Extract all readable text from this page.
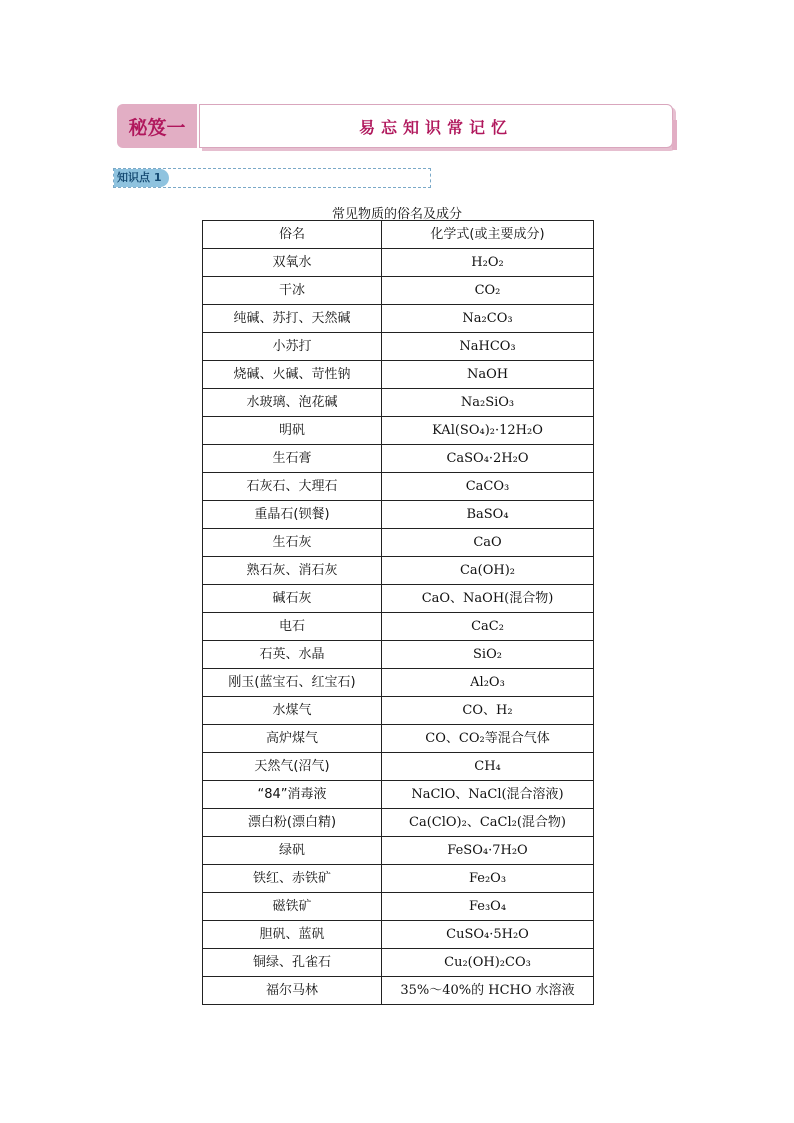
秘笈一	易忘知识常记忆
知识点 1
常见物质的俗名及成分
俗名	化学式(或主要成分)
双氧水	H₂O₂
干冰	CO₂
纯碱、苏打、天然碱	Na₂CO₃
小苏打	NaHCO₃
烧碱、火碱、苛性钠	NaOH
水玻璃、泡花碱	Na₂SiO₃
明矾	KAl(SO₄)₂·12H₂O
生石膏	CaSO₄·2H₂O
石灰石、大理石	CaCO₃
重晶石(钡餐)	BaSO₄
生石灰	CaO
熟石灰、消石灰	Ca(OH)₂
碱石灰	CaO、NaOH(混合物)
电石	CaC₂
石英、水晶	SiO₂
刚玉(蓝宝石、红宝石)	Al₂O₃
水煤气	CO、H₂
高炉煤气	CO、CO₂等混合气体
天然气(沼气)	CH₄
“84”消毒液	NaClO、NaCl(混合溶液)
漂白粉(漂白精)	Ca(ClO)₂、CaCl₂(混合物)
绿矾	FeSO₄·7H₂O
铁红、赤铁矿	Fe₂O₃
磁铁矿	Fe₃O₄
胆矾、蓝矾	CuSO₄·5H₂O
铜绿、孔雀石	Cu₂(OH)₂CO₃
福尔马林	35%～40%的 HCHO 水溶液
